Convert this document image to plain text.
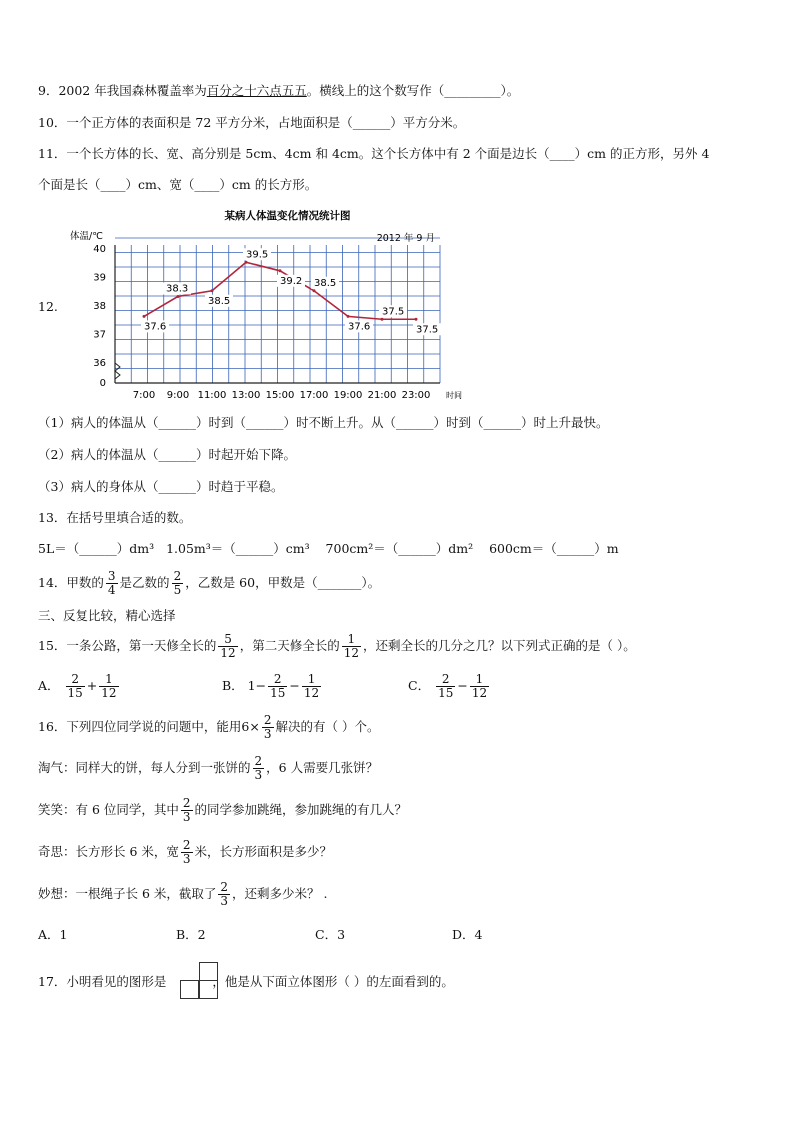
9．2002 年我国森林覆盖率为百分之十六点五五。横线上的这个数写作（_________）。
10．一个正方体的表面积是 72 平方分米，占地面积是（______）平方分米。
11．一个长方体的长、宽、高分别是 5cm、4cm 和 4cm。这个长方体中有 2 个面是边长（____）cm 的正方形，另外 4
个面是长（____）cm、宽（____）cm 的长方形。
12.
40
39
38
37
36
0
7:00 9:00 11:00 13:00 15:00 17:00 19:00 21:00 23:00 时间
体温/℃
某病人体温变化情况统计图
2012 年 9 月
37.6
38.3
38.5
39.5
39.2 38.5
37.6
37.5
37.5
（1）病人的体温从（______）时到（______）时不断上升。从（______）时到（______）时上升最快。
（2）病人的体温从（______）时起开始下降。
（3）病人的身体从（______）时趋于平稳。
13．在括号里填合适的数。
5L＝（______）dm³ 1.05m³＝（______）cm³ 700cm²＝（______）dm² 600cm＝（______）m
14．甲数的 $\frac{3}{4}$ 是乙数的 $\frac{2}{5}$ ，乙数是 60，甲数是（_______）。
三、反复比较，精心选择
15．一条公路，第一天修全长的 $\frac{5}{12}$ ，第二天修全长的 $\frac{1}{12}$ ，还剩全长的几分之几？以下列式正确的是（ ）。
A． $\frac{2}{15} + \frac{1}{12}$	B． $1- \frac{2}{15} - \frac{1}{12}$	C． $\frac{2}{15} - \frac{1}{12}$
16．下列四位同学说的问题中，能用$6\times \frac{2}{3}$ 解决的有（ ）个。
淘气：同样大的饼，每人分到一张饼的 $\frac{2}{3}$ ，6 人需要几张饼？
笑笑：有 6 位同学，其中 $\frac{2}{3}$ 的同学参加跳绳，参加跳绳的有几人？
奇思：长方形长 6 米，宽 $\frac{2}{3}$ 米，长方形面积是多少？
妙想：一根绳子长 6 米，截取了 $\frac{2}{3}$ ，还剩多少米？ .
A．1	B．2	C．3	D．4
17．小明看见的图形是	，他是从下面立体图形（ ）的左面看到的。
